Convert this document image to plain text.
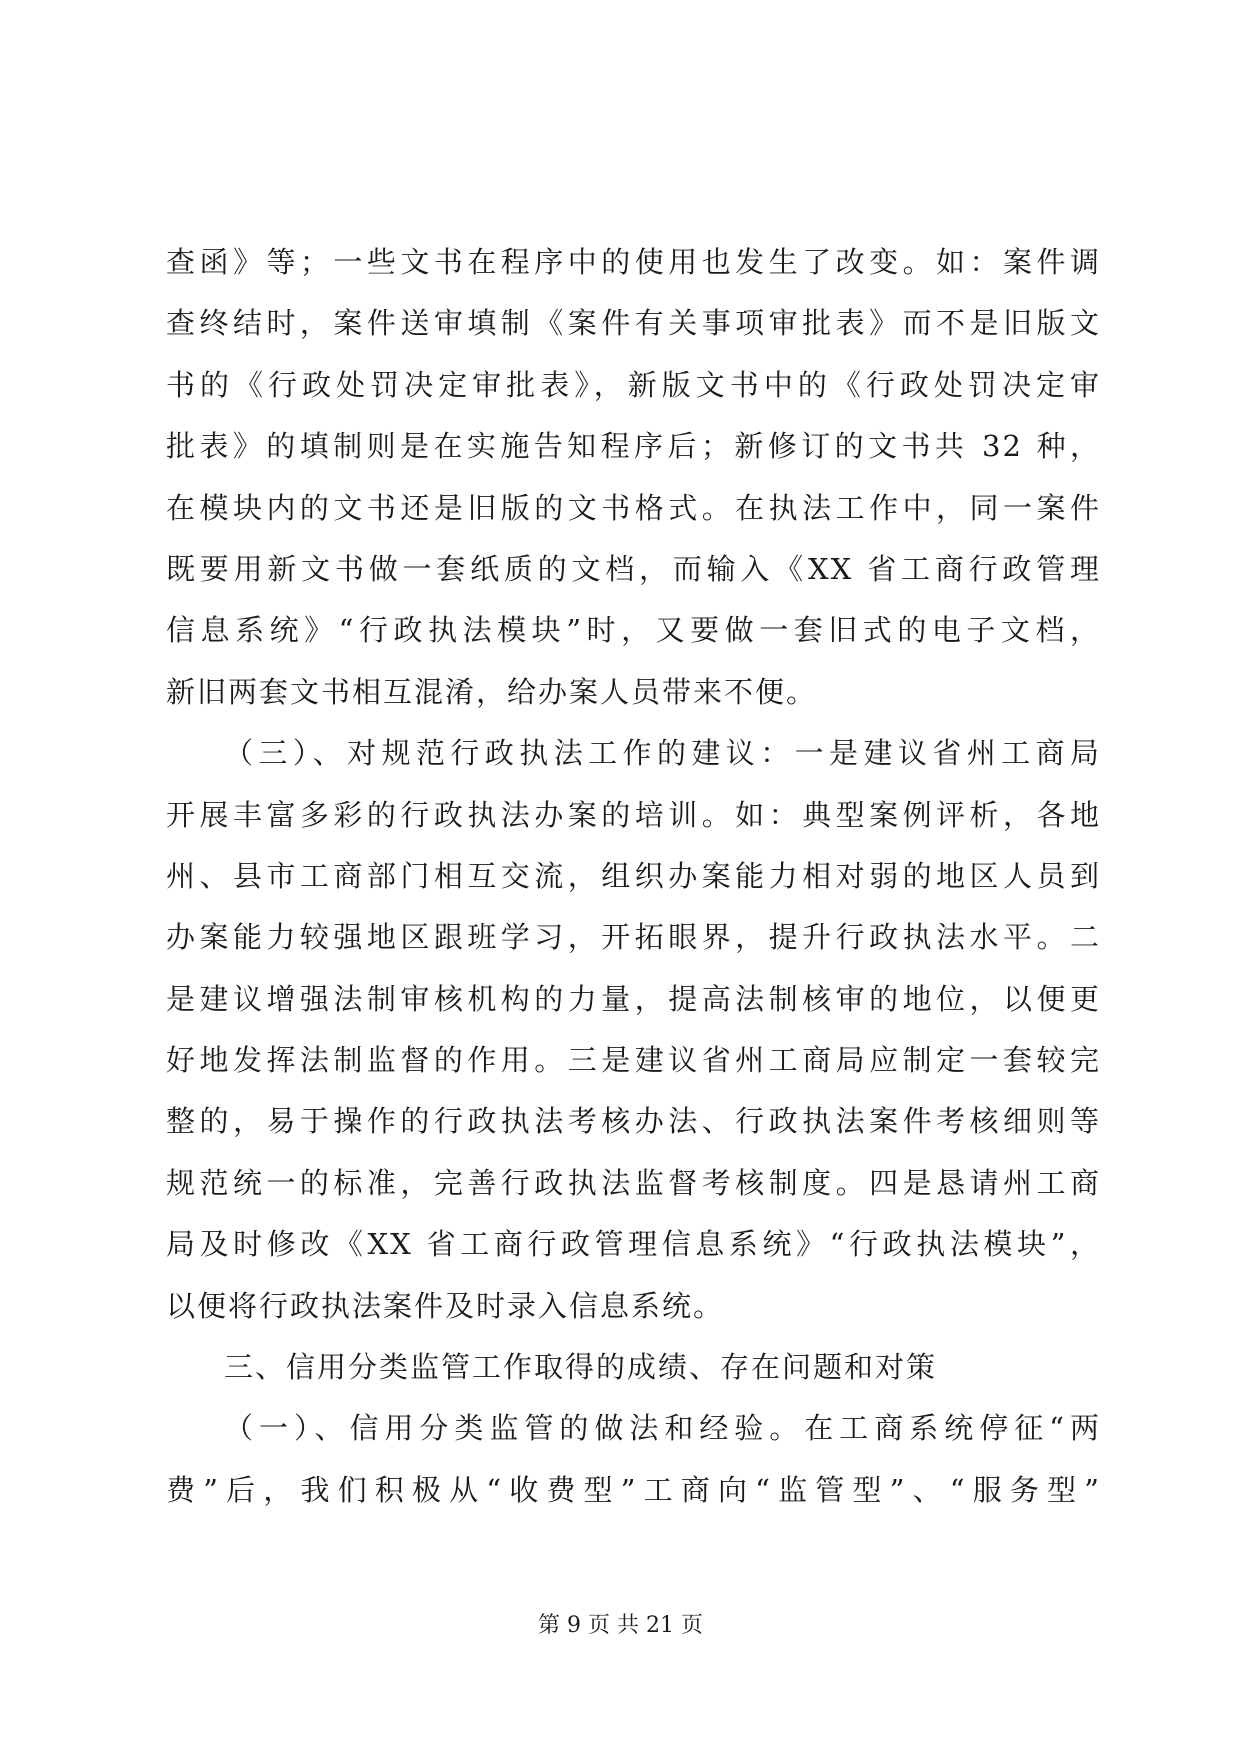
查函》等；一些文书在程序中的使用也发生了改变。如：案件调

查终结时，案件送审填制《案件有关事项审批表》而不是旧版文

书的《行政处罚决定审批表》，新版文书中的《行政处罚决定审

批表》的填制则是在实施告知程序后；新修订的文书共 32 种，

在模块内的文书还是旧版的文书格式。在执法工作中，同一案件

既要用新文书做一套纸质的文档，而输入《XX 省工商行政管理

信息系统》“行政执法模块”时，又要做一套旧式的电子文档，

新旧两套文书相互混淆，给办案人员带来不便。

（三）、对规范行政执法工作的建议：一是建议省州工商局

开展丰富多彩的行政执法办案的培训。如：典型案例评析，各地

州、县市工商部门相互交流，组织办案能力相对弱的地区人员到

办案能力较强地区跟班学习，开拓眼界，提升行政执法水平。二

是建议增强法制审核机构的力量，提高法制核审的地位，以便更

好地发挥法制监督的作用。三是建议省州工商局应制定一套较完

整的，易于操作的行政执法考核办法、行政执法案件考核细则等

规范统一的标准，完善行政执法监督考核制度。四是恳请州工商

局及时修改《XX 省工商行政管理信息系统》“行政执法模块”，

以便将行政执法案件及时录入信息系统。

三、信用分类监管工作取得的成绩、存在问题和对策

（一）、信用分类监管的做法和经验。在工商系统停征“两

费”后，我们积极从“收费型”工商向“监管型”、“服务型”

第 9 页 共 21 页
